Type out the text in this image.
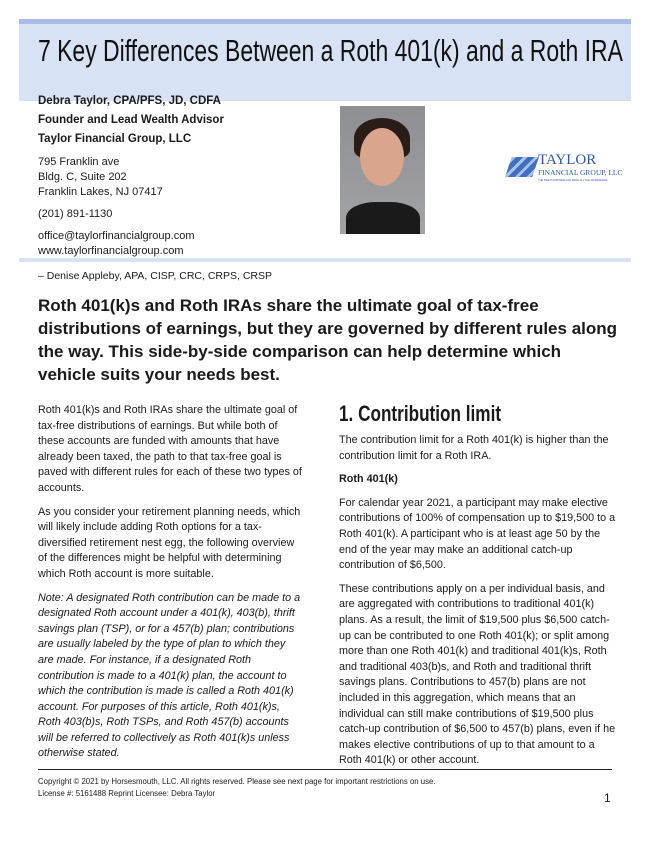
7 Key Differences Between a Roth 401(k) and a Roth IRA
Debra Taylor, CPA/PFS, JD, CDFA
Founder and Lead Wealth Advisor
Taylor Financial Group, LLC

795 Franklin ave
Bldg. C, Suite 202
Franklin Lakes, NJ 07417

(201) 891-1130

office@taylorfinancialgroup.com
www.taylorfinancialgroup.com

TAYLOR
FINANCIAL GROUP, LLC
THE RIGHT PARTNER CAN MAKE ALL THE DIFFERENCE
– Denise Appleby, APA, CISP, CRC, CRPS, CRSP
Roth 401(k)s and Roth IRAs share the ultimate goal of tax-free distributions of earnings, but they are governed by different rules along the way. This side-by-side comparison can help determine which vehicle suits your needs best.

Roth 401(k)s and Roth IRAs share the ultimate goal of tax-free distributions of earnings. But while both of these accounts are funded with amounts that have already been taxed, the path to that tax-free goal is paved with different rules for each of these two types of accounts.

As you consider your retirement planning needs, which will likely include adding Roth options for a tax-diversified retirement nest egg, the following overview of the differences might be helpful with determining which Roth account is more suitable.

Note: A designated Roth contribution can be made to a designated Roth account under a 401(k), 403(b), thrift savings plan (TSP), or for a 457(b) plan; contributions are usually labeled by the type of plan to which they are made. For instance, if a designated Roth contribution is made to a 401(k) plan, the account to which the contribution is made is called a Roth 401(k) account. For purposes of this article, Roth 401(k)s, Roth 403(b)s, Roth TSPs, and Roth 457(b) accounts will be referred to collectively as Roth 401(k)s unless otherwise stated.

1. Contribution limit

The contribution limit for a Roth 401(k) is higher than the contribution limit for a Roth IRA.

Roth 401(k)

For calendar year 2021, a participant may make elective contributions of 100% of compensation up to $19,500 to a Roth 401(k). A participant who is at least age 50 by the end of the year may make an additional catch-up contribution of $6,500.

These contributions apply on a per individual basis, and are aggregated with contributions to traditional 401(k) plans. As a result, the limit of $19,500 plus $6,500 catch-up can be contributed to one Roth 401(k); or split among more than one Roth 401(k) and traditional 401(k)s, Roth and traditional 403(b)s, and Roth and traditional thrift savings plans. Contributions to 457(b) plans are not included in this aggregation, which means that an individual can still make contributions of $19,500 plus catch-up contribution of $6,500 to 457(b) plans, even if he makes elective contributions of up to that amount to a Roth 401(k) or other account.

Copyright © 2021 by Horsesmouth, LLC. All rights reserved. Please see next page for important restrictions on use.
License #: 5161488 Reprint Licensee: Debra Taylor	1
